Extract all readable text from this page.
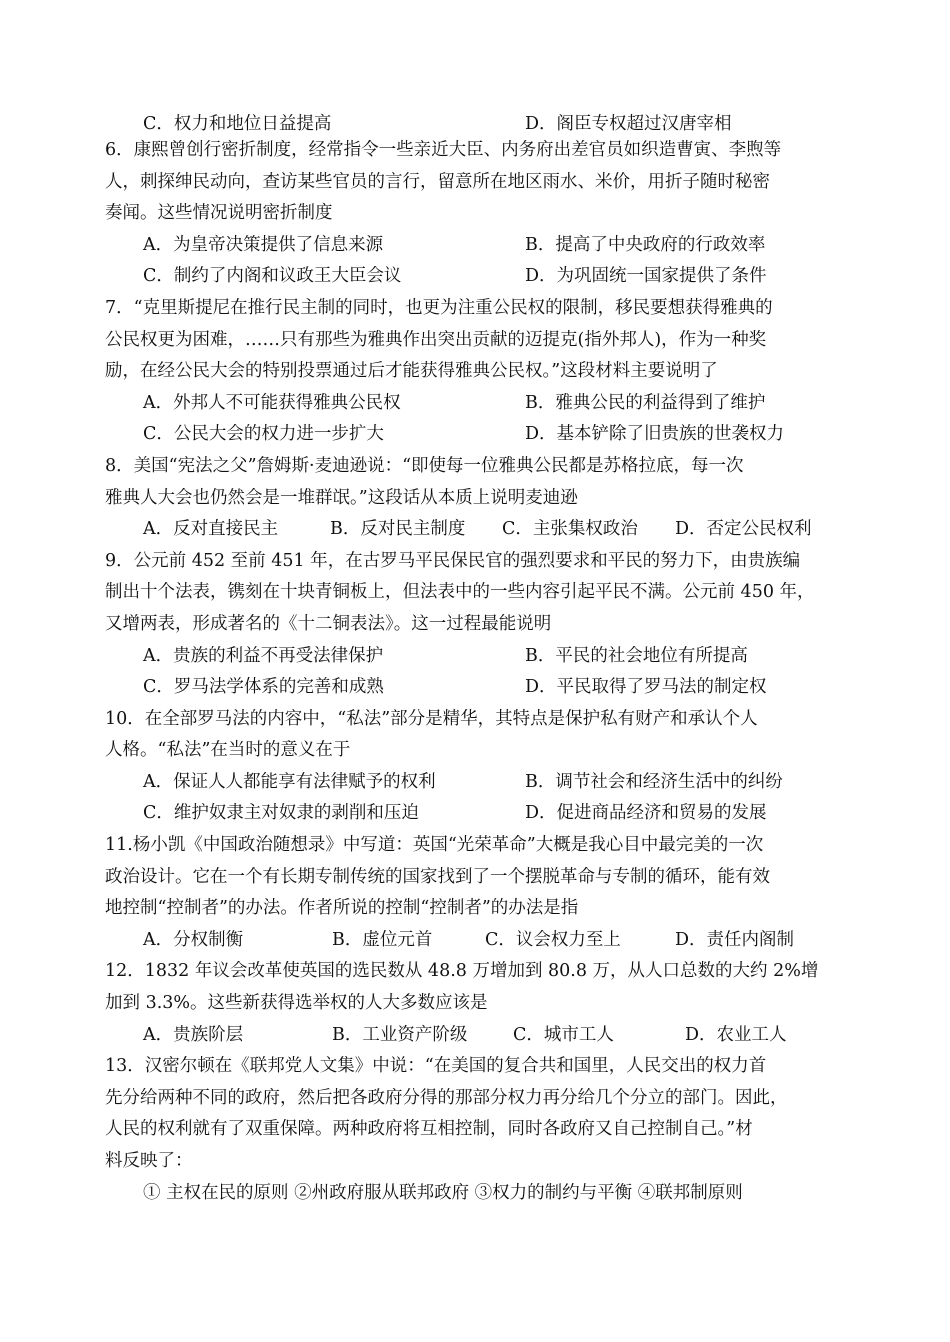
C．权力和地位日益提高	D．阁臣专权超过汉唐宰相
6．康熙曾创行密折制度，经常指令一些亲近大臣、内务府出差官员如织造曹寅、李煦等
人，刺探绅民动向，查访某些官员的言行，留意所在地区雨水、米价，用折子随时秘密
奏闻。这些情况说明密折制度
A．为皇帝决策提供了信息来源	B．提高了中央政府的行政效率
C．制约了内阁和议政王大臣会议	D．为巩固统一国家提供了条件
7．“克里斯提尼在推行民主制的同时，也更为注重公民权的限制，移民要想获得雅典的
公民权更为困难，……只有那些为雅典作出突出贡献的迈提克(指外邦人)，作为一种奖
励，在经公民大会的特别投票通过后才能获得雅典公民权。”这段材料主要说明了
A．外邦人不可能获得雅典公民权	B．雅典公民的利益得到了维护
C．公民大会的权力进一步扩大	D．基本铲除了旧贵族的世袭权力
8．美国“宪法之父”詹姆斯·麦迪逊说：“即使每一位雅典公民都是苏格拉底，每一次
雅典人大会也仍然会是一堆群氓。”这段话从本质上说明麦迪逊
A．反对直接民主	B．反对民主制度 C．主张集权政治 D．否定公民权利
9．公元前 452 至前 451 年，在古罗马平民保民官的强烈要求和平民的努力下，由贵族编
制出十个法表，镌刻在十块青铜板上，但法表中的一些内容引起平民不满。公元前 450 年，
又增两表，形成著名的《十二铜表法》。这一过程最能说明
A．贵族的利益不再受法律保护	B．平民的社会地位有所提高
C．罗马法学体系的完善和成熟	D．平民取得了罗马法的制定权
10．在全部罗马法的内容中，“私法”部分是精华，其特点是保护私有财产和承认个人
人格。“私法”在当时的意义在于
A．保证人人都能享有法律赋予的权利	B．调节社会和经济生活中的纠纷
C．维护奴隶主对奴隶的剥削和压迫	D．促进商品经济和贸易的发展
11.杨小凯《中国政治随想录》中写道：英国“光荣革命”大概是我心目中最完美的一次
政治设计。它在一个有长期专制传统的国家找到了一个摆脱革命与专制的循环，能有效
地控制“控制者”的办法。作者所说的控制“控制者”的办法是指
A．分权制衡	B．虚位元首	C．议会权力至上	D．责任内阁制
12．1832 年议会改革使英国的选民数从 48.8 万增加到 80.8 万，从人口总数的大约 2%增
加到 3.3%。这些新获得选举权的人大多数应该是
A．贵族阶层	B．工业资产阶级	C．城市工人	D．农业工人
13．汉密尔顿在《联邦党人文集》中说：“在美国的复合共和国里，人民交出的权力首
先分给两种不同的政府，然后把各政府分得的那部分权力再分给几个分立的部门。因此，
人民的权利就有了双重保障。两种政府将互相控制，同时各政府又自己控制自己。”材
料反映了：
① 主权在民的原则 ②州政府服从联邦政府 ③权力的制约与平衡 ④联邦制原则
